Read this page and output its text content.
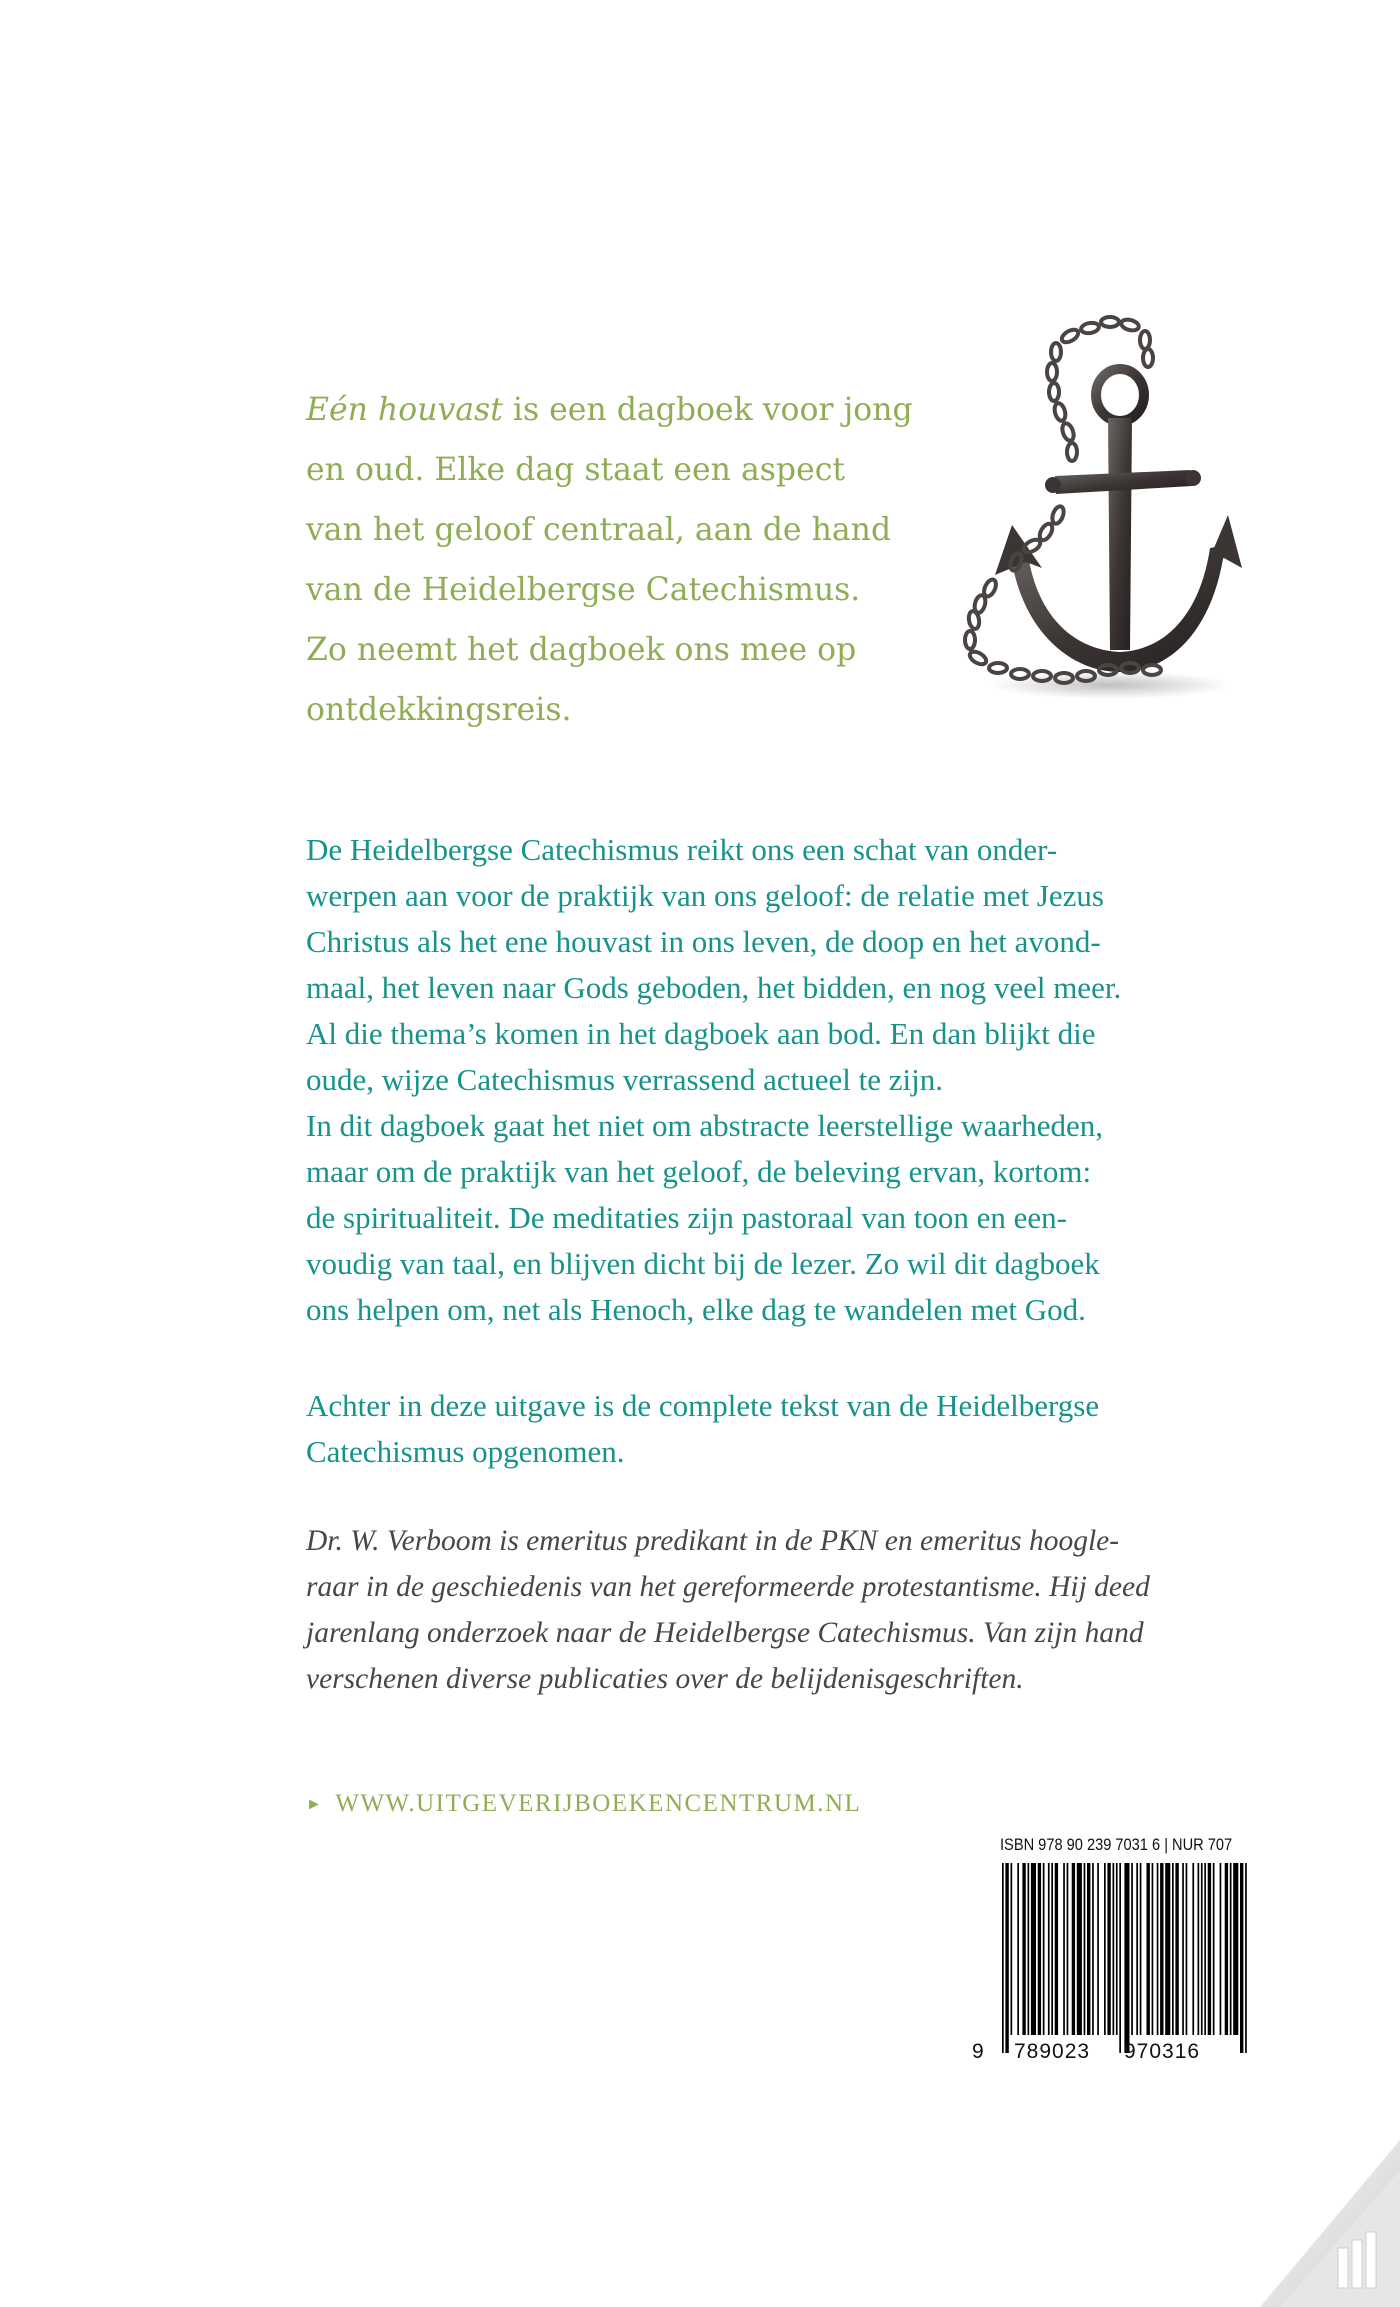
Eén houvast is een dagboek voor jong
en oud. Elke dag staat een aspect
van het geloof centraal, aan de hand
van de Heidelbergse Catechismus.
Zo neemt het dagboek ons mee op
ontdekkingsreis.
De Heidelbergse Catechismus reikt ons een schat van onder-
werpen aan voor de praktijk van ons geloof: de relatie met Jezus
Christus als het ene houvast in ons leven, de doop en het avond-
maal, het leven naar Gods geboden, het bidden, en nog veel meer.
Al die thema’s komen in het dagboek aan bod. En dan blijkt die
oude, wijze Catechismus verrassend actueel te zijn.
In dit dagboek gaat het niet om abstracte leerstellige waarheden,
maar om de praktijk van het geloof, de beleving ervan, kortom:
de spiritualiteit. De meditaties zijn pastoraal van toon en een-
voudig van taal, en blijven dicht bij de lezer. Zo wil dit dagboek
ons helpen om, net als Henoch, elke dag te wandelen met God.
Achter in deze uitgave is de complete tekst van de Heidelbergse
Catechismus opgenomen.
Dr. W. Verboom is emeritus predikant in de PKN en emeritus hoogle-
raar in de geschiedenis van het gereformeerde protestantisme. Hij deed
jarenlang onderzoek naar de Heidelbergse Catechismus. Van zijn hand
verschenen diverse publicaties over de belijdenisgeschriften.
► WWW.UITGEVERIJBOEKENCENTRUM.NL
ISBN 978 90 239 7031 6 | NUR 707
9 789023 970316
